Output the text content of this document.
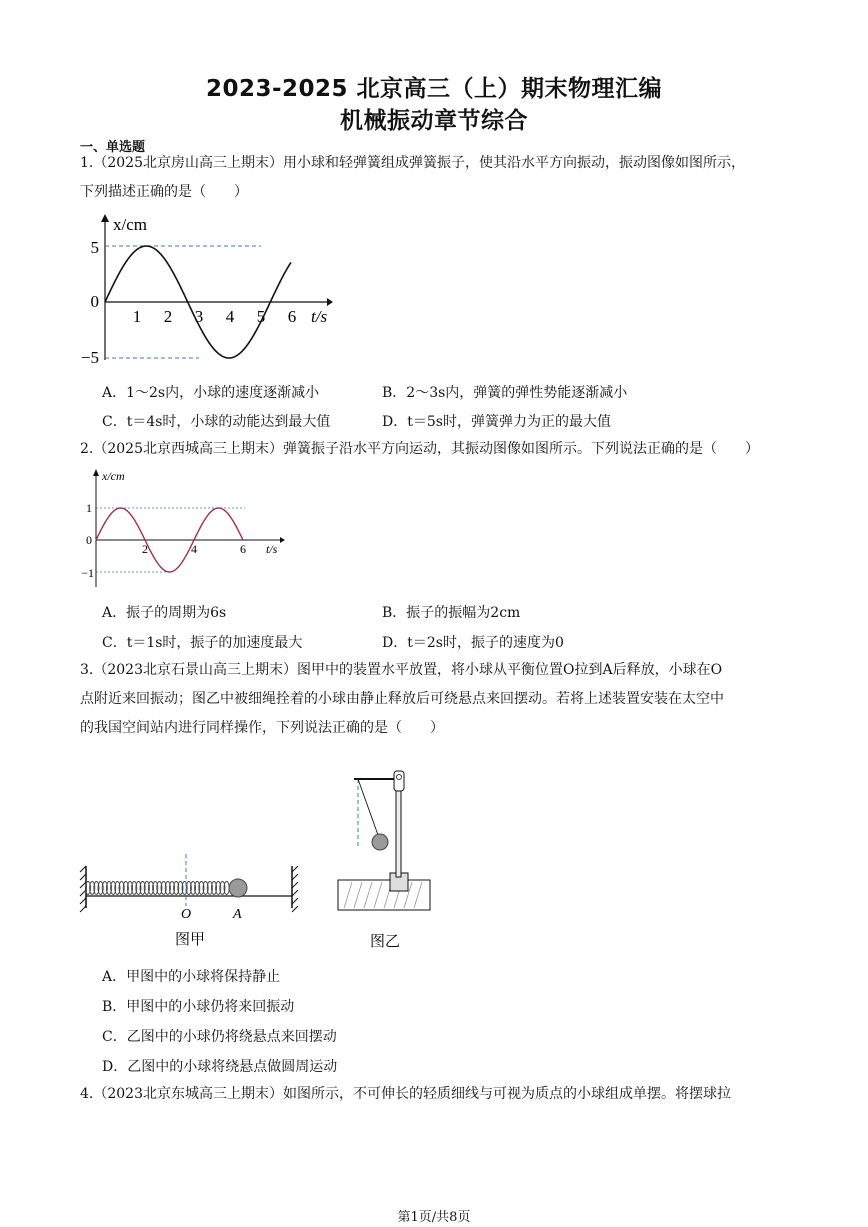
2023-2025 北京高三（上）期末物理汇编
机械振动章节综合
一、单选题
1.（2025北京房山高三上期末）用小球和轻弹簧组成弹簧振子，使其沿水平方向振动，振动图像如图所示，
下列描述正确的是（　　）
x/cm
t/s
5
0
−5
1 2 3 4 5 6
A．1～2s内，小球的速度逐渐减小	B．2～3s内，弹簧的弹性势能逐渐减小
C．t＝4s时，小球的动能达到最大值	D．t＝5s时，弹簧弹力为正的最大值
2.（2025北京西城高三上期末）弹簧振子沿水平方向运动，其振动图像如图所示。下列说法正确的是（　　）
x/cm
t/s
1
0
−1
2	4	6
A．振子的周期为6s	B．振子的振幅为2cm
C．t＝1s时，振子的加速度最大	D．t＝2s时，振子的速度为0
3.（2023北京石景山高三上期末）图甲中的装置水平放置，将小球从平衡位置O拉到A后释放，小球在O
点附近来回振动；图乙中被细绳拴着的小球由静止释放后可绕悬点来回摆动。若将上述装置安装在太空中
的我国空间站内进行同样操作，下列说法正确的是（　　）
O	A
图甲	图乙
A．甲图中的小球将保持静止
B．甲图中的小球仍将来回振动
C．乙图中的小球仍将绕悬点来回摆动
D．乙图中的小球将绕悬点做圆周运动
4.（2023北京东城高三上期末）如图所示，不可伸长的轻质细线与可视为质点的小球组成单摆。将摆球拉
第1页/共8页
